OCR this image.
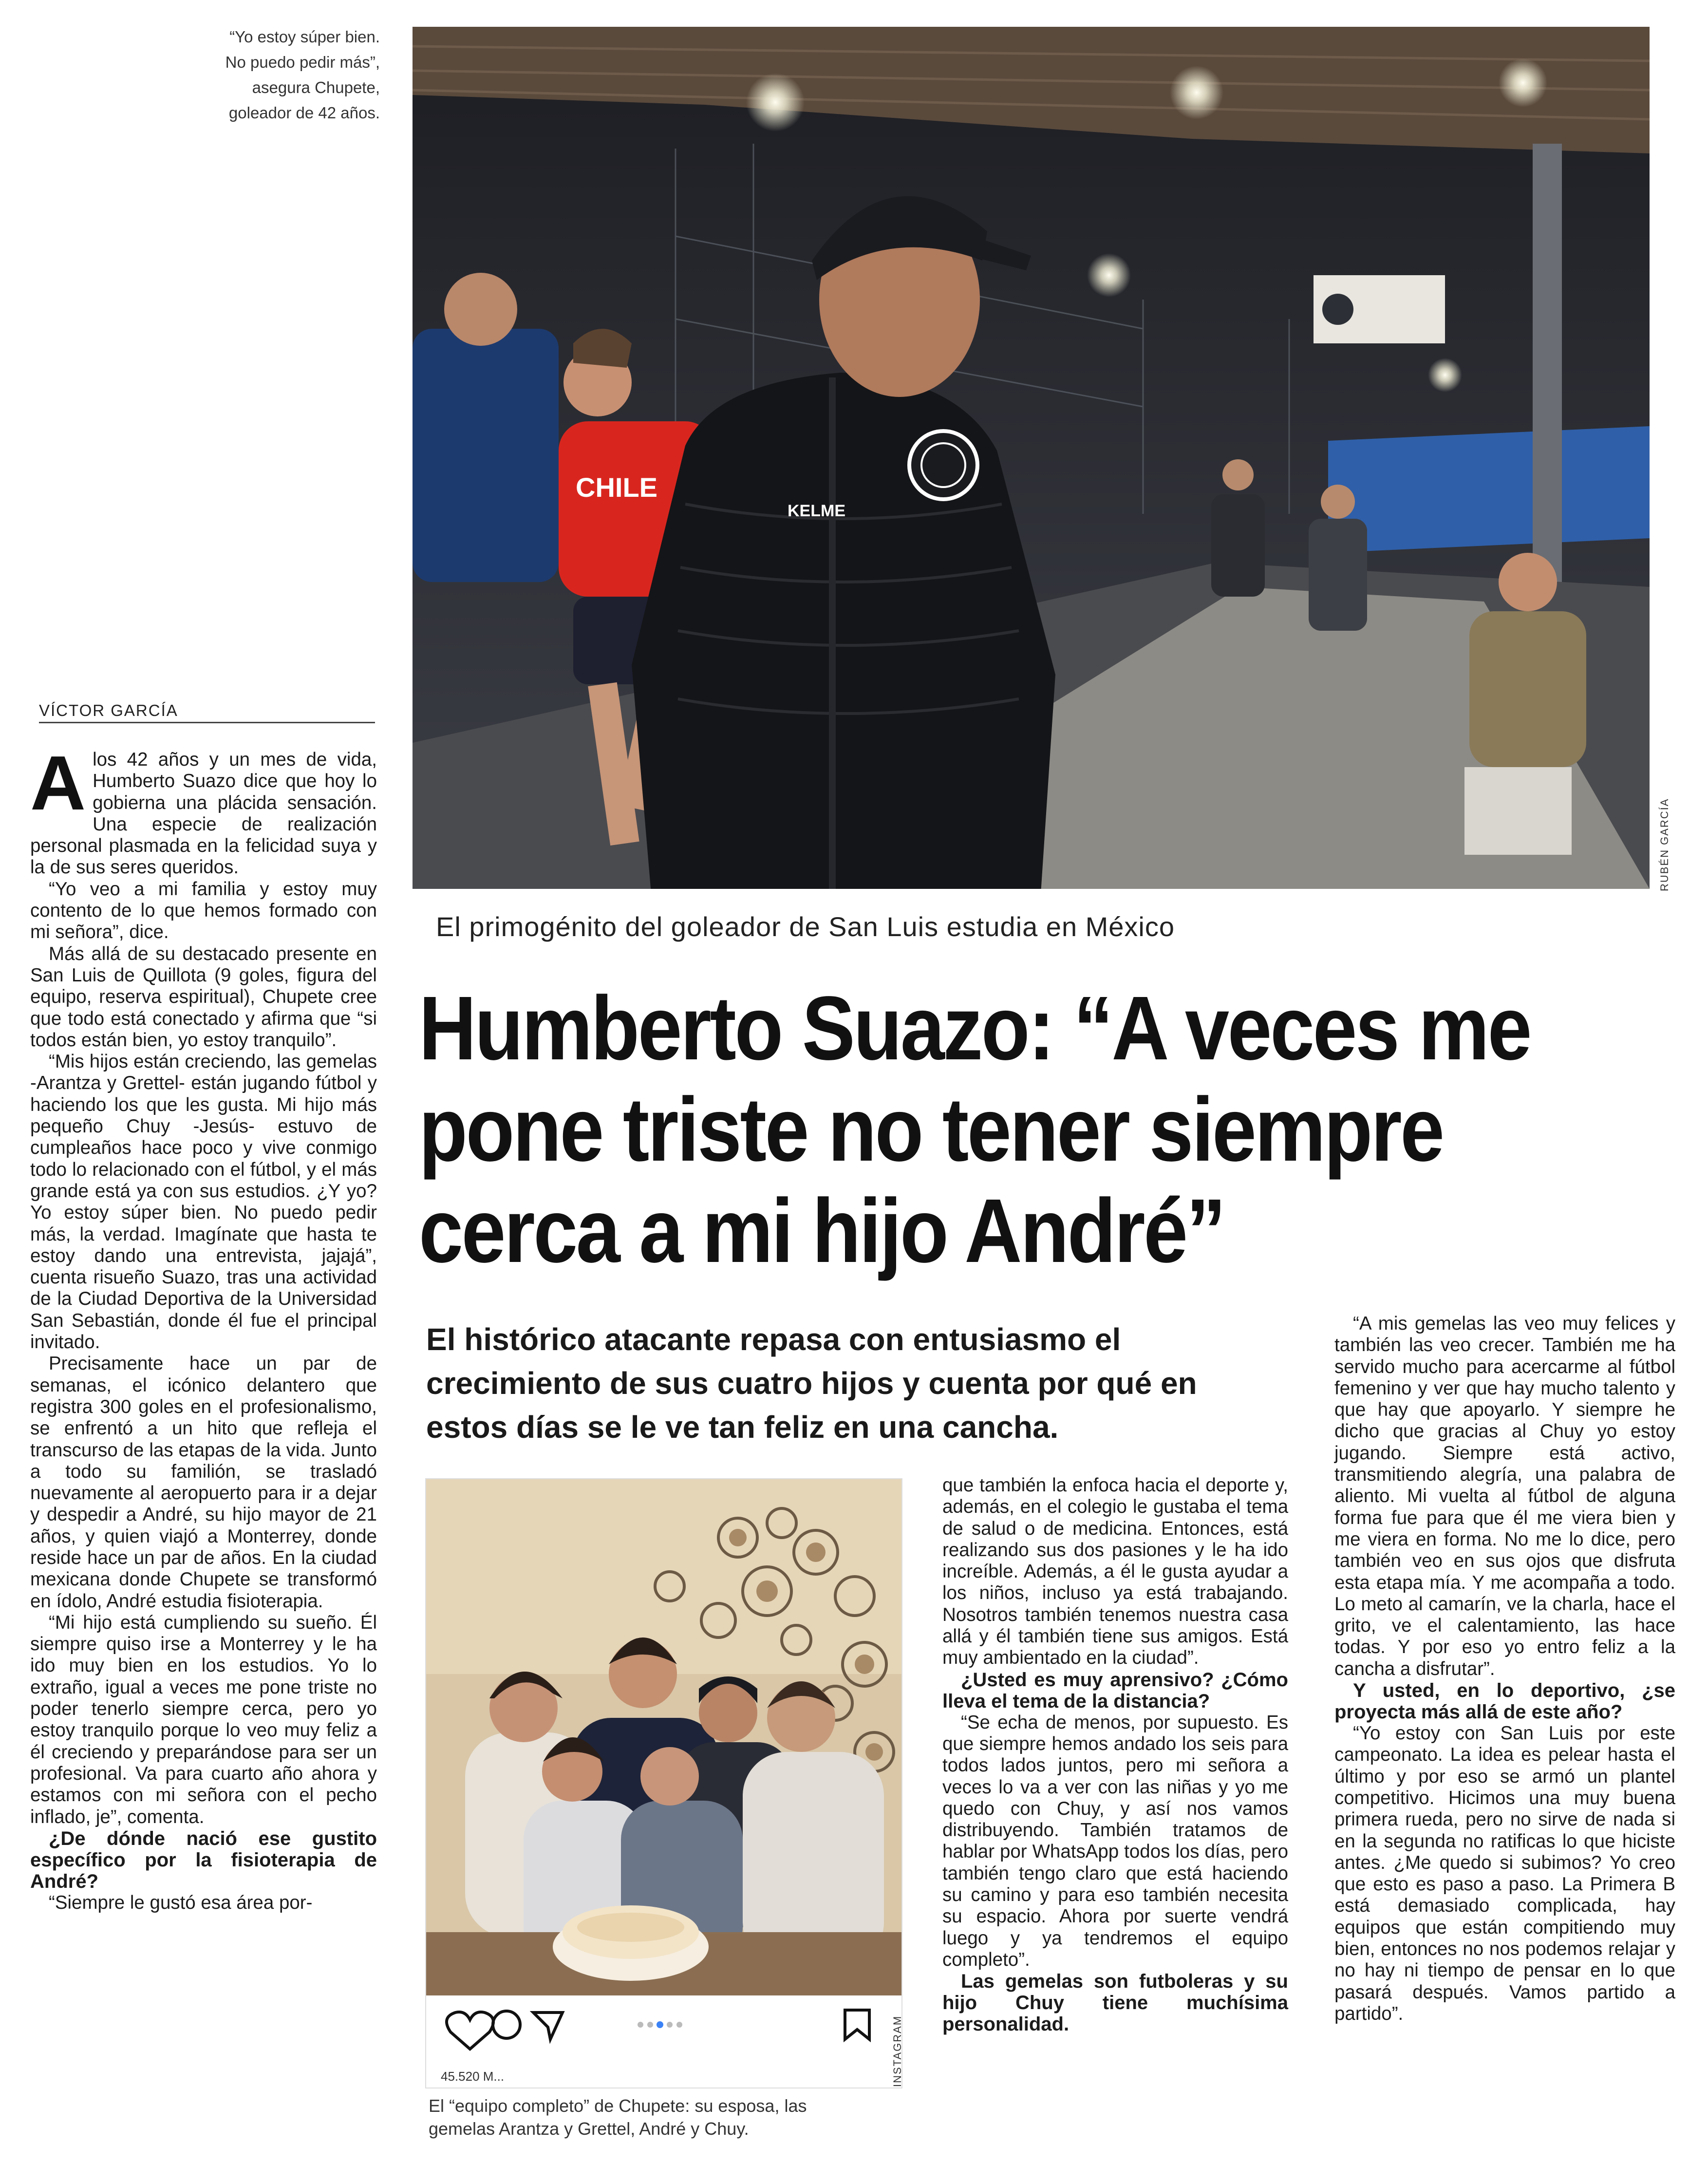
“Yo estoy súper bien.
No puedo pedir más”,
asegura Chupete,
goleador de 42 años.
CHILE
KELME
RUBÉN GARCÍA
VÍCTOR GARCÍA

Alos 42 años y un mes de vida, Humberto Suazo dice que hoy lo gobierna una plácida sensación. Una especie de realización personal plasmada en la felicidad suya y la de sus seres queridos.

“Yo veo a mi familia y estoy muy contento de lo que hemos formado con mi señora”, dice.

Más allá de su destacado presente en San Luis de Quillota (9 goles, figura del equipo, reserva espiritual), Chupete cree que todo está conectado y afirma que “si todos están bien, yo estoy tranquilo”.

“Mis hijos están creciendo, las gemelas -Arantza y Grettel- están jugando fútbol y haciendo los que les gusta. Mi hijo más pequeño Chuy -Jesús- estuvo de cumpleaños hace poco y vive conmigo todo lo relacionado con el fútbol, y el más grande está ya con sus estudios. ¿Y yo? Yo estoy súper bien. No puedo pedir más, la verdad. Imagínate que hasta te estoy dando una entrevista, jajajá”, cuenta risueño Suazo, tras una actividad de la Ciudad Deportiva de la Universidad San Sebastián, donde él fue el principal invitado.

Precisamente hace un par de semanas, el icónico delantero que registra 300 goles en el profesionalismo, se enfrentó a un hito que refleja el transcurso de las etapas de la vida. Junto a todo su familión, se trasladó nuevamente al aeropuerto para ir a dejar y despedir a André, su hijo mayor de 21 años, y quien viajó a Monterrey, donde reside hace un par de años. En la ciudad mexicana donde Chupete se transformó en ídolo, André estudia fisioterapia.

“Mi hijo está cumpliendo su sueño. Él siempre quiso irse a Monterrey y le ha ido muy bien en los estudios. Yo lo extraño, igual a veces me pone triste no poder tenerlo siempre cerca, pero yo estoy tranquilo porque lo veo muy feliz a él creciendo y preparándose para ser un profesional. Va para cuarto año ahora y estamos con mi señora con el pecho inflado, je”, comenta.

¿De dónde nació ese gustito específico por la fisioterapia de André?

“Siempre le gustó esa área por-

El primogénito del goleador de San Luis estudia en México
Humberto Suazo: “A veces me
pone triste no tener siempre
cerca a mi hijo André”
El histórico atacante repasa con entusiasmo el
crecimiento de sus cuatro hijos y cuenta por qué en
estos días se le ve tan feliz en una cancha.
45.520 M...	INSTAGRAM
El “equipo completo” de Chupete: su esposa, las
gemelas Arantza y Grettel, André y Chuy.

que también la enfoca hacia el deporte y, además, en el colegio le gustaba el tema de salud o de medicina. Entonces, está realizando sus dos pasiones y le ha ido increíble. Además, a él le gusta ayudar a los niños, incluso ya está trabajando. Nosotros también tenemos nuestra casa allá y él también tiene sus amigos. Está muy ambientado en la ciudad”.

¿Usted es muy aprensivo? ¿Cómo lleva el tema de la distancia?

“Se echa de menos, por supuesto. Es que siempre hemos andado los seis para todos lados juntos, pero mi señora a veces lo va a ver con las niñas y yo me quedo con Chuy, y así nos vamos distribuyendo. También tratamos de hablar por WhatsApp todos los días, pero también tengo claro que está haciendo su camino y para eso también necesita su espacio. Ahora por suerte vendrá luego y ya tendremos el equipo completo”.

Las gemelas son futboleras y su hijo Chuy tiene muchísima personalidad.

“A mis gemelas las veo muy felices y también las veo crecer. También me ha servido mucho para acercarme al fútbol femenino y ver que hay mucho talento y que hay que apoyarlo. Y siempre he dicho que gracias al Chuy yo estoy jugando. Siempre está activo, transmitiendo alegría, una palabra de aliento. Mi vuelta al fútbol de alguna forma fue para que él me viera bien y me viera en forma. No me lo dice, pero también veo en sus ojos que disfruta esta etapa mía. Y me acompaña a todo. Lo meto al camarín, ve la charla, hace el grito, ve el calentamiento, las hace todas. Y por eso yo entro feliz a la cancha a disfrutar”.

Y usted, en lo deportivo, ¿se proyecta más allá de este año?

“Yo estoy con San Luis por este campeonato. La idea es pelear hasta el último y por eso se armó un plantel competitivo. Hicimos una muy buena primera rueda, pero no sirve de nada si en la segunda no ratificas lo que hiciste antes. ¿Me quedo si subimos? Yo creo que esto es paso a paso. La Primera B está demasiado complicada, hay equipos que están compitiendo muy bien, entonces no nos podemos relajar y no hay ni tiempo de pensar en lo que pasará después. Vamos partido a partido”.
